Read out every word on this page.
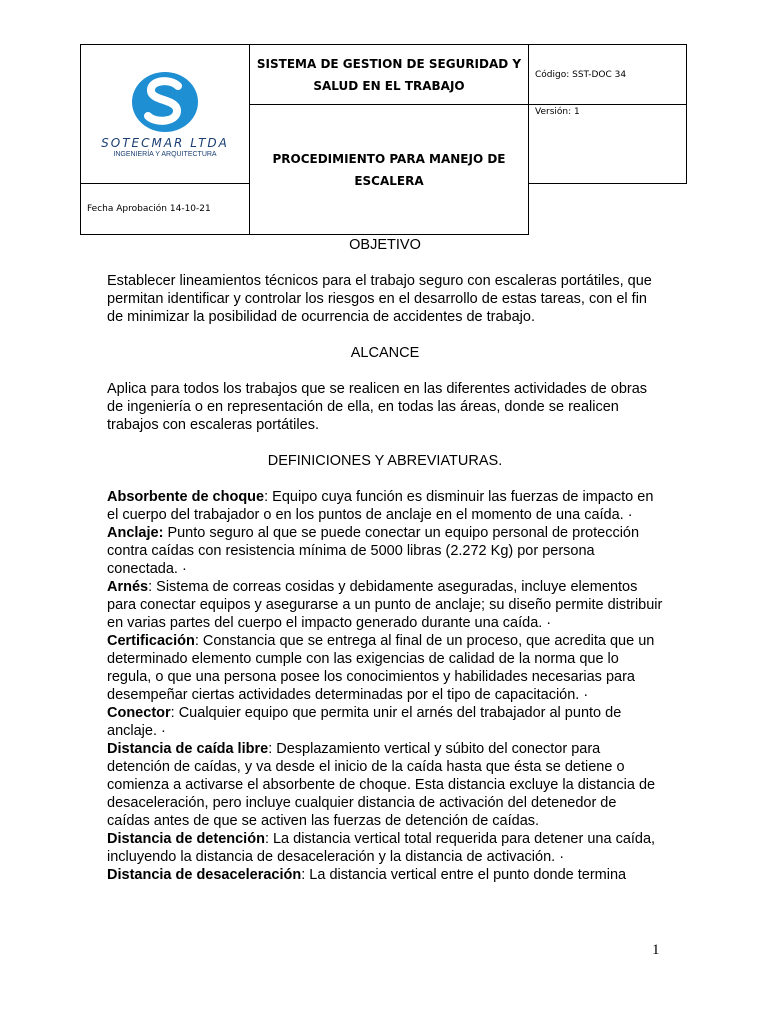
SOTECMAR LTDA
INGENIERÍA Y ARQUITECTURA	SISTEMA DE GESTION DE SEGURIDAD Y SALUD EN EL TRABAJO	Código: SST-DOC 34
	PROCEDIMIENTO PARA MANEJO DE ESCALERA	Versión: 1
Fecha Aprobación 14-10-21		

OBJETIVO

Establecer lineamientos técnicos para el trabajo seguro con escaleras portátiles, que permitan identificar y controlar los riesgos en el desarrollo de estas tareas, con el fin de minimizar la posibilidad de ocurrencia de accidentes de trabajo.

ALCANCE

Aplica para todos los trabajos que se realicen en las diferentes actividades de obras de ingeniería o en representación de ella, en todas las áreas, donde se realicen trabajos con escaleras portátiles.

DEFINICIONES Y ABREVIATURAS.

Absorbente de choque: Equipo cuya función es disminuir las fuerzas de impacto en el cuerpo del trabajador o en los puntos de anclaje en el momento de una caída. ·

Anclaje: Punto seguro al que se puede conectar un equipo personal de protección contra caídas con resistencia mínima de 5000 libras (2.272 Kg) por persona conectada. ·

Arnés: Sistema de correas cosidas y debidamente aseguradas, incluye elementos para conectar equipos y asegurarse a un punto de anclaje; su diseño permite distribuir en varias partes del cuerpo el impacto generado durante una caída. ·

Certificación: Constancia que se entrega al final de un proceso, que acredita que un determinado elemento cumple con las exigencias de calidad de la norma que lo regula, o que una persona posee los conocimientos y habilidades necesarias para desempeñar ciertas actividades determinadas por el tipo de capacitación. ·

Conector: Cualquier equipo que permita unir el arnés del trabajador al punto de anclaje. ·

Distancia de caída libre: Desplazamiento vertical y súbito del conector para detención de caídas, y va desde el inicio de la caída hasta que ésta se detiene o comienza a activarse el absorbente de choque. Esta distancia excluye la distancia de desaceleración, pero incluye cualquier distancia de activación del detenedor de caídas antes de que se activen las fuerzas de detención de caídas.

Distancia de detención: La distancia vertical total requerida para detener una caída, incluyendo la distancia de desaceleración y la distancia de activación. ·

Distancia de desaceleración: La distancia vertical entre el punto donde termina

1
